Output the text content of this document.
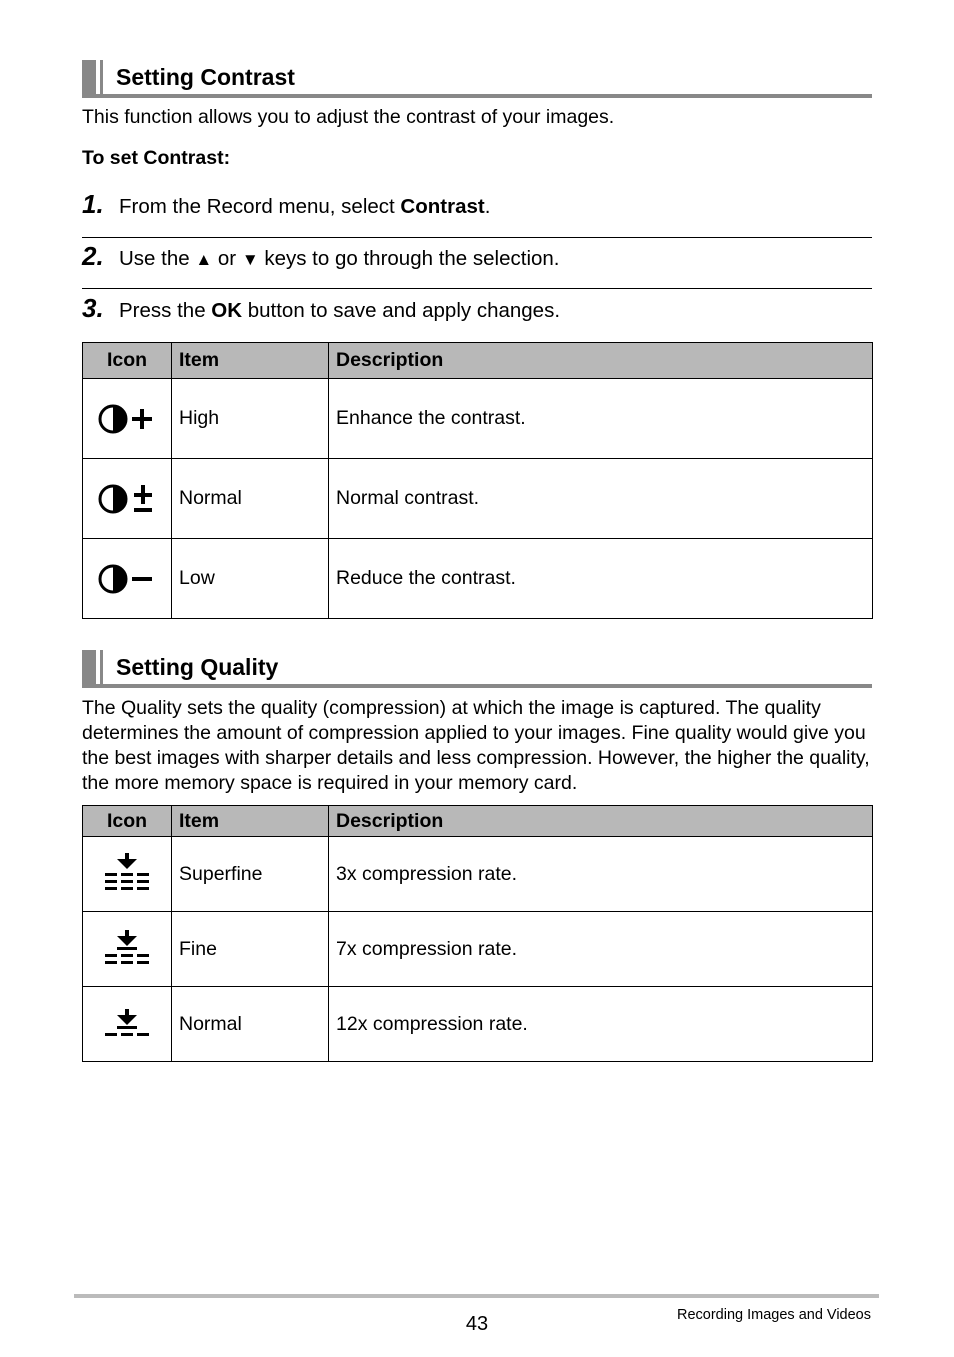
Setting Contrast
This function allows you to adjust the contrast of your images.
To set Contrast:
1. From the Record menu, select Contrast.
2. Use the ▲ or ▼ keys to go through the selection.
3. Press the OK button to save and apply changes.
Icon	Item	Description
	High	Enhance the contrast.
	Normal	Normal contrast.
	Low	Reduce the contrast.
Setting Quality
The Quality sets the quality (compression) at which the image is captured. The quality determines the amount of compression applied to your images. Fine quality would give you the best images with sharper details and less compression. However, the higher the quality, the more memory space is required in your memory card.
Icon	Item	Description
	Superfine	3x compression rate.
	Fine	7x compression rate.
	Normal	12x compression rate.
43	Recording Images and Videos
